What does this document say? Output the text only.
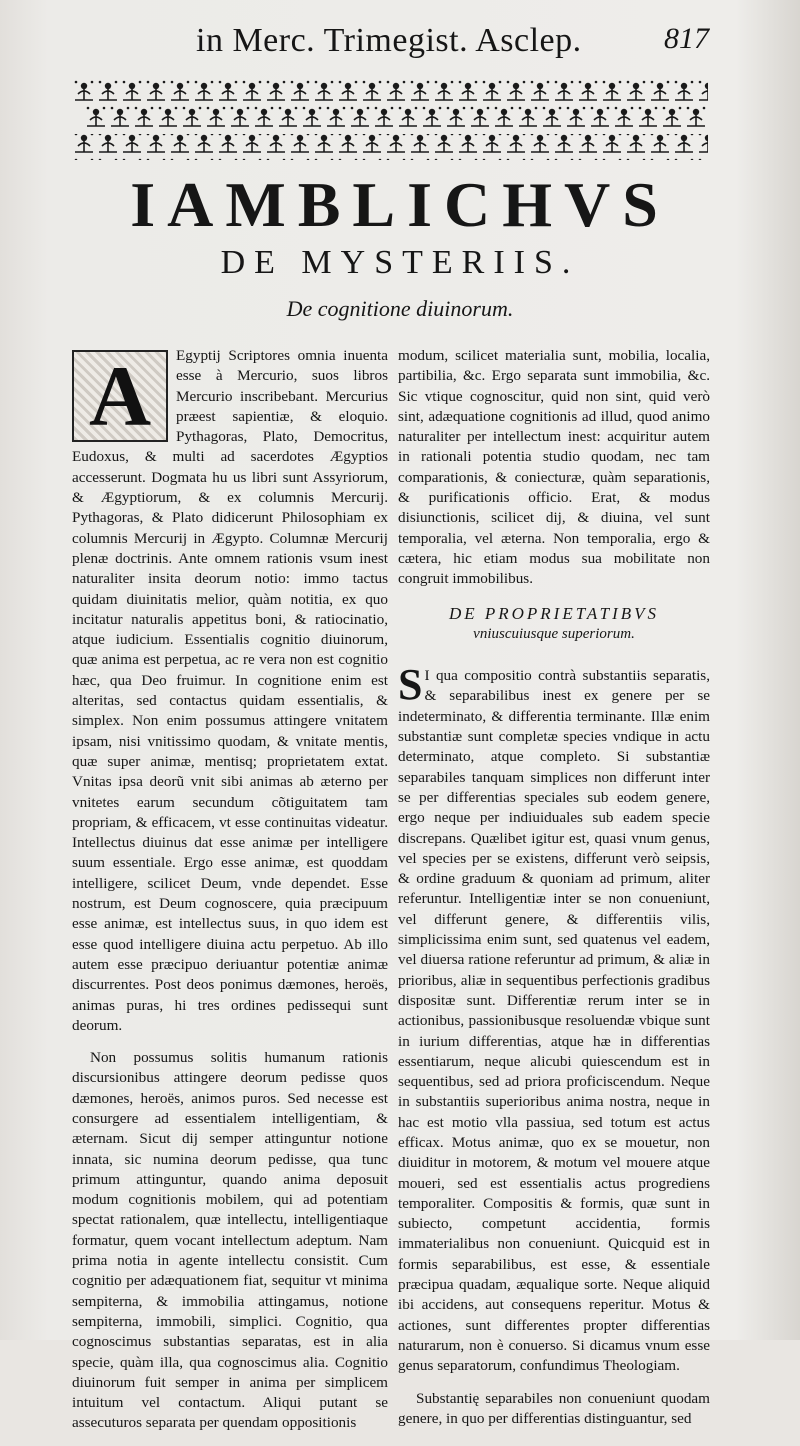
in Merc. Trimegist. Asclep.	817
IAMBLICHVS
DE MYSTERIIS.
De cognitione diuinorum.
A	Egyptij Scriptores omnia inuenta esse à Mercurio, suos libros Mercurio inscribebant. Mercurius præest sapientiæ, & eloquio. Pythagoras, Plato, Democritus, Eudoxus, & multi ad sacerdotes Ægyptios accesserunt. Dogmata hu us libri sunt Assyriorum, & Ægyptiorum, & ex columnis Mercurij. Pythagoras, & Plato didicerunt Philosophiam ex columnis Mercurij in Ægypto. Columnæ Mercurij plenæ doctrinis. Ante omnem rationis vsum inest naturaliter insita deorum notio: immo tactus quidam diuinitatis melior, quàm notitia, ex quo incitatur naturalis appetitus boni, & ratiocinatio, atque iudicium. Essentialis cognitio diuinorum, quæ anima est perpetua, ac re vera non est cognitio hæc, qua Deo fruimur. In cognitione enim est alteritas, sed contactus quidam essentialis, & simplex. Non enim possumus attingere vnitatem ipsam, nisi vnitissimo quodam, & vnitate mentis, quæ super animæ, mentisq; proprietatem extat. Vnitas ipsa deorũ vnit sibi animas ab æterno per vnitetes earum secundum cõtiguitatem tam propriam, & efficacem, vt esse continuitas videatur. Intellectus diuinus dat esse animæ per intelligere suum essentiale. Ergo esse animæ, est quoddam intelligere, scilicet Deum, vnde dependet. Esse nostrum, est Deum cognoscere, quia præcipuum esse animæ, est intellectus suus, in quo idem est esse quod intelligere diuina actu perpetuo. Ab illo autem esse præcipuo deriuantur potentiæ animæ discurrentes. Post deos ponimus dæmones, heroës, animas puras, hi tres ordines pedissequi sunt deorum.

Non possumus solitis humanum rationis discursionibus attingere deorum pedisse quos dæmones, heroës, animos puros. Sed necesse est consurgere ad essentialem intelligentiam, & æternam. Sicut dij semper attinguntur notione innata, sic numina deorum pedisse, qua tunc primum attinguntur, quando anima deposuit modum cognitionis mobilem, qui ad potentiam spectat rationalem, quæ intellectu, intelligentiaque formatur, quem vocant intellectum adeptum. Nam prima notia in agente intellectu consistit. Cum cognitio per adæquationem fiat, sequitur vt minima sempiterna, & immobilia attingamus, notione sempiterna, immobili, simplici. Cognitio, qua cognoscimus substantias separatas, est in alia specie, quàm illa, qua cognoscimus alia. Cognitio diuinorum fuit semper in anima per simplicem intuitum vel contactum. Aliqui putant se assecuturos separata per quendam oppositionis

modum, scilicet materialia sunt, mobilia, localia, partibilia, &c. Ergo separata sunt immobilia, &c. Sic vtique cognoscitur, quid non sint, quid verò sint, adæquatione cognitionis ad illud, quod animo naturaliter per intellectum inest: acquiritur autem in rationali potentia studio quodam, nec tam comparationis, & coniecturæ, quàm separationis, & purificationis officio. Erat, & modus disiunctionis, scilicet dij, & diuina, vel sunt temporalia, vel æterna. Non temporalia, ergo & cætera, hic etiam modus sua mobilitate non congruit immobilibus.

DE PROPRIETATIBVS
vniuscuiusque superiorum.
S I qua compositio contrà substantiis separatis, & separabilibus inest ex genere per se indeterminato, & differentia terminante. Illæ enim substantiæ sunt completæ species vndique in actu determinato, atque completo. Si substantiæ separabiles tanquam simplices non differunt inter se per differentias speciales sub eodem genere, ergo neque per indiuiduales sub eadem specie discrepans. Quælibet igitur est, quasi vnum genus, vel species per se existens, differunt verò seipsis, & ordine graduum & quoniam ad primum, aliter referuntur. Intelligentiæ inter se non conueniunt, vel differunt genere, & differentiis vilis, simplicissima enim sunt, sed quatenus vel eadem, vel diuersa ratione referuntur ad primum, & aliæ in prioribus, aliæ in sequentibus perfectionis gradibus dispositæ sunt. Differentiæ rerum inter se in actionibus, passionibusque resoluendæ vbique sunt in iurium differentias, atque hæ in differentias essentiarum, neque alicubi quiescendum est in sequentibus, sed ad priora proficiscendum. Neque in substantiis superioribus anima nostra, neque in hac est motio vlla passiua, sed totum est actus efficax. Motus animæ, quo ex se mouetur, non diuiditur in motorem, & motum vel mouere atque moueri, sed est essentialis actus progrediens temporaliter. Compositis & formis, quæ sunt in subiecto, competunt accidentia, formis immaterialibus non conueniunt. Quicquid est in formis separabilibus, est esse, & essentiale præcipua quadam, æqualique sorte. Neque aliquid ibi accidens, aut consequens reperitur. Motus & actiones, sunt differentes propter differentias naturarum, non è conuerso. Si dicamus vnum esse genus separatorum, confundimus Theologiam.

Substantię separabiles non conueniunt quodam genere, in quo per differentias distinguantur, sed
